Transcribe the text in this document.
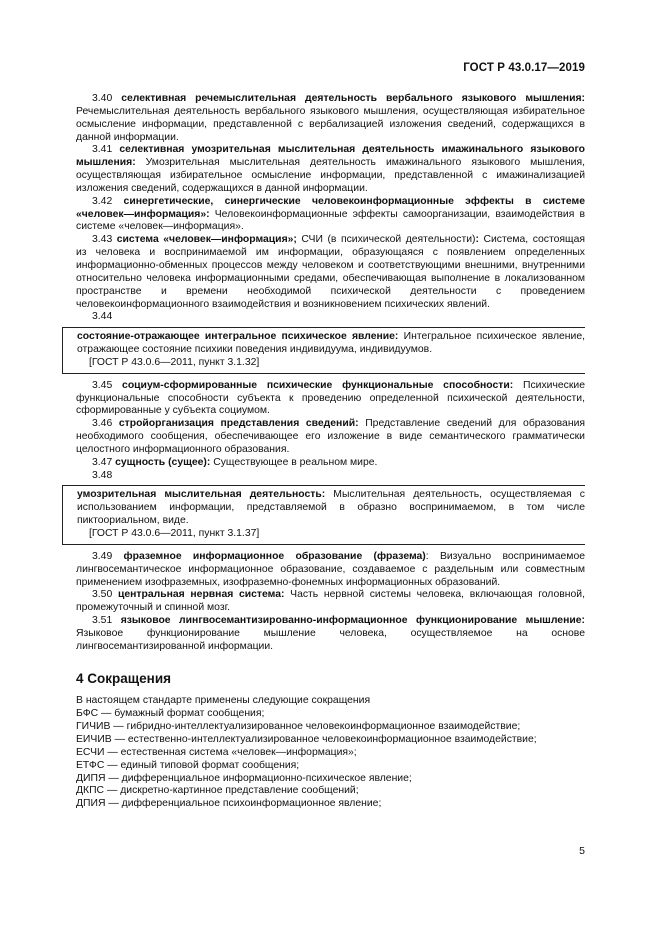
ГОСТ Р 43.0.17—2019

3.40 селективная речемыслительная деятельность вербального языкового мышления: Речемыслительная деятельность вербального языкового мышления, осуществляющая избирательное осмысление информации, представленной с вербализацией изложения сведений, содержащихся в данной информации.

3.41 селективная умозрительная мыслительная деятельность имажинального языкового мышления: Умозрительная мыслительная деятельность имажинального языкового мышления, осуществляющая избирательное осмысление информации, представленной с имажинализацией изложения сведений, содержащихся в данной информации.

3.42 синергетические, синергические человекоинформационные эффекты в системе «человек—информация»: Человекоинформационные эффекты самоорганизации, взаимодействия в системе «человек—информация».

3.43 система «человек—информация»; СЧИ (в психической деятельности): Система, состоящая из человека и воспринимаемой им информации, образующаяся с появлением определенных информационно-обменных процессов между человеком и соответствующими внешними, внутренними относительно человека информационными средами, обеспечивающая выполнение в локализованном пространстве и времени необходимой психической деятельности с проведением человекоинформационного взаимодействия и возникновением психических явлений.

3.44

состояние-отражающее интегральное психическое явление: Интегральное психическое явление, отражающее состояние психики поведения индивидуума, индивидуумов.

[ГОСТ Р 43.0.6—2011, пункт 3.1.32]

3.45 социум-сформированные психические функциональные способности: Психические функциональные способности субъекта к проведению определенной психической деятельности, сформированные у субъекта социумом.

3.46 стройорганизация представления сведений: Представление сведений для образования необходимого сообщения, обеспечивающее его изложение в виде семантического грамматически целостного информационного образования.

3.47 сущность (сущее): Существующее в реальном мире.

3.48

умозрительная мыслительная деятельность: Мыслительная деятельность, осуществляемая с использованием информации, представляемой в образно воспринимаемом, в том числе пиктоориальном, виде.

[ГОСТ Р 43.0.6—2011, пункт 3.1.37]

3.49 фраземное информационное образование (фразема): Визуально воспринимаемое лингвосемантическое информационное образование, создаваемое с раздельным или совместным применением изофраземных, изофраземно-фонемных информационных образований.

3.50 центральная нервная система: Часть нервной системы человека, включающая головной, промежуточный и спинной мозг.

3.51 языковое лингвосемантизированно-информационное функционирование мышление: Языковое функционирование мышление человека, осуществляемое на основе лингвосемантизированной информации.

4 Сокращения

В настоящем стандарте применены следующие сокращения

БФС — бумажный формат сообщения;

ГИЧИВ — гибридно-интеллектуализированное человекоинформационное взаимодействие;

ЕИЧИВ — естественно-интеллектуализированное человекоинформационное взаимодействие;

ЕСЧИ — естественная система «человек—информация»;

ЕТФС — единый типовой формат сообщения;

ДИПЯ — дифференциальное информационно-психическое явление;

ДКПС — дискретно-картинное представление сообщений;

ДПИЯ — дифференциальное психоинформационное явление;

5
